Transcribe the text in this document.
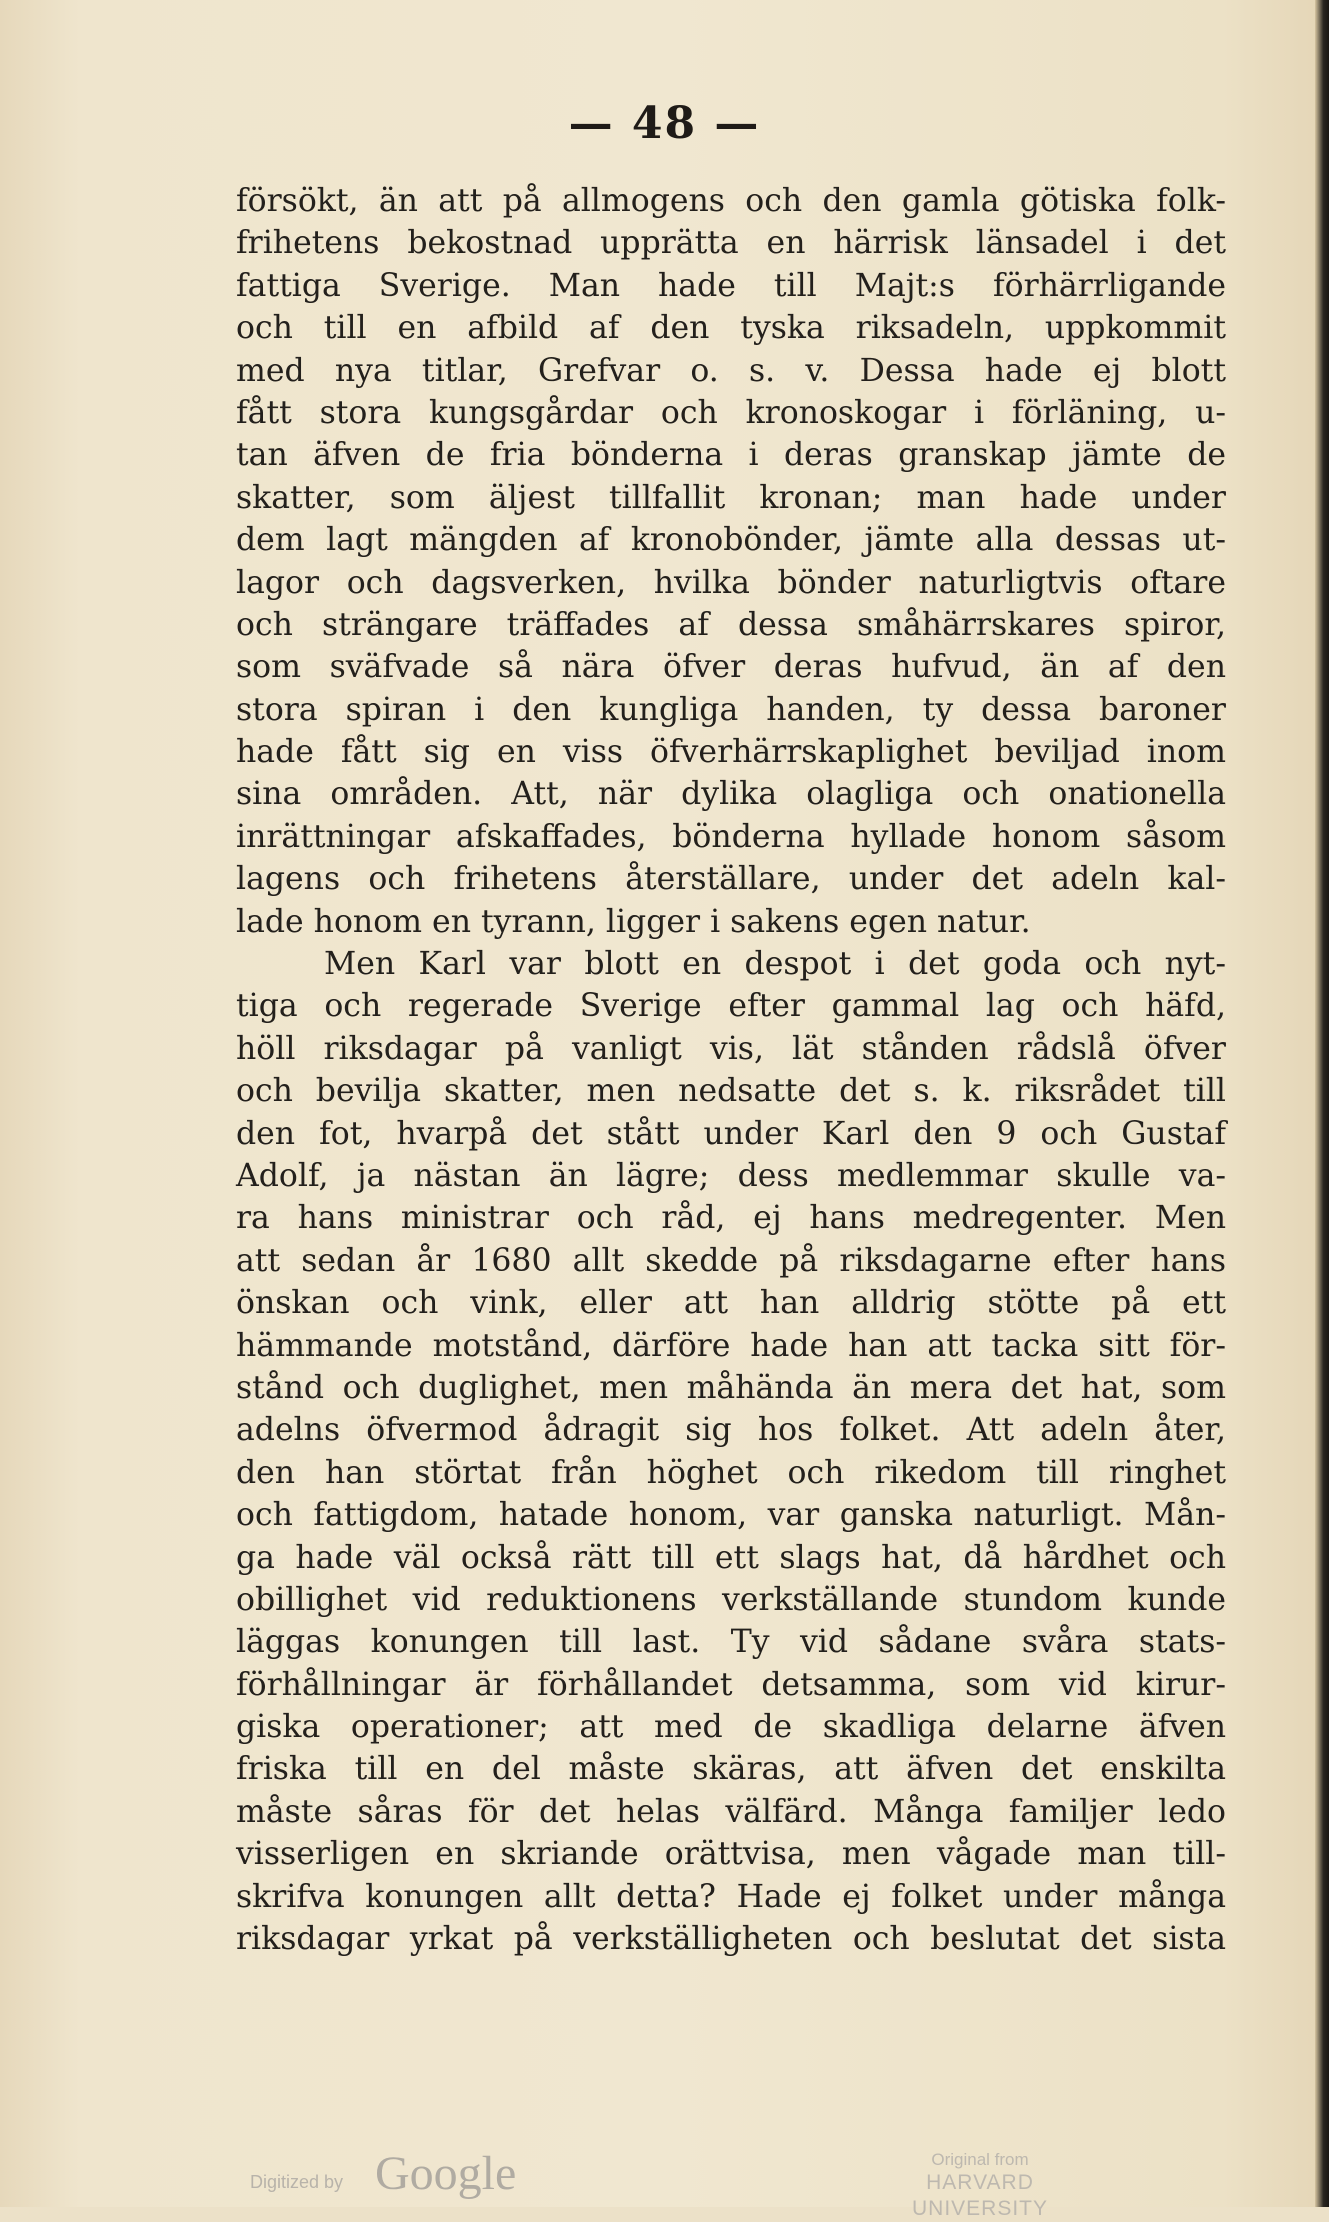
— 48 —
försökt, än att på allmogens och den gamla götiska folk-
frihetens bekostnad upprätta en härrisk länsadel i det
fattiga Sverige. Man hade till Majt:s förhärrligande
och till en afbild af den tyska riksadeln, uppkommit
med nya titlar, Grefvar o. s. v. Dessa hade ej blott
fått stora kungsgårdar och kronoskogar i förläning, u-
tan äfven de fria bönderna i deras granskap jämte de
skatter, som äljest tillfallit kronan; man hade under
dem lagt mängden af kronobönder, jämte alla dessas ut-
lagor och dagsverken, hvilka bönder naturligtvis oftare
och strängare träffades af dessa småhärrskares spiror,
som sväfvade så nära öfver deras hufvud, än af den
stora spiran i den kungliga handen, ty dessa baroner
hade fått sig en viss öfverhärrskaplighet beviljad inom
sina områden. Att, när dylika olagliga och onationella
inrättningar afskaffades, bönderna hyllade honom såsom
lagens och frihetens återställare, under det adeln kal-
lade honom en tyrann, ligger i sakens egen natur.
Men Karl var blott en despot i det goda och nyt-
tiga och regerade Sverige efter gammal lag och häfd,
höll riksdagar på vanligt vis, lät stånden rådslå öfver
och bevilja skatter, men nedsatte det s. k. riksrådet till
den fot, hvarpå det stått under Karl den 9 och Gustaf
Adolf, ja nästan än lägre; dess medlemmar skulle va-
ra hans ministrar och råd, ej hans medregenter. Men
att sedan år 1680 allt skedde på riksdagarne efter hans
önskan och vink, eller att han alldrig stötte på ett
hämmande motstånd, därföre hade han att tacka sitt för-
stånd och duglighet, men måhända än mera det hat, som
adelns öfvermod ådragit sig hos folket. Att adeln åter,
den han störtat från höghet och rikedom till ringhet
och fattigdom, hatade honom, var ganska naturligt. Mån-
ga hade väl också rätt till ett slags hat, då hårdhet och
obillighet vid reduktionens verkställande stundom kunde
läggas konungen till last. Ty vid sådane svåra stats-
förhållningar är förhållandet detsamma, som vid kirur-
giska operationer; att med de skadliga delarne äfven
friska till en del måste skäras, att äfven det enskilta
måste såras för det helas välfärd. Många familjer ledo
visserligen en skriande orättvisa, men vågade man till-
skrifva konungen allt detta? Hade ej folket under många
riksdagar yrkat på verkställigheten och beslutat det sista
Digitized by Google	Original from
HARVARD UNIVERSITY
